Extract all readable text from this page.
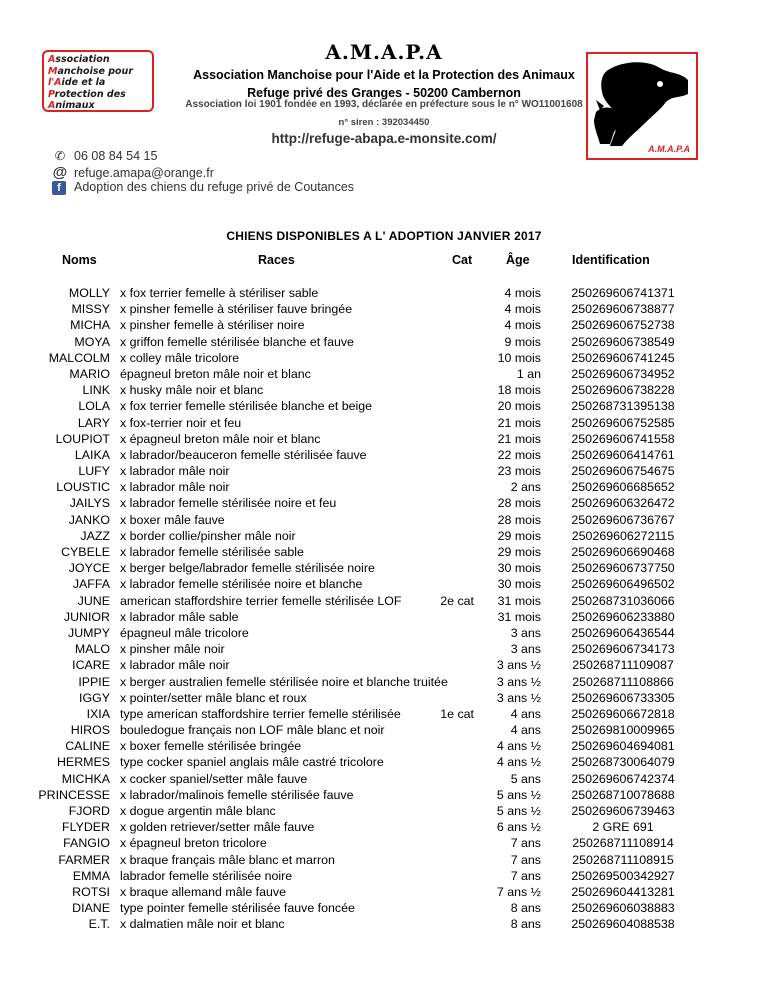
Association
Manchoise pour
l'Aide et la
Protection des
Animaux
A.M.A.P.A
Association Manchoise pour l'Aide et la Protection des Animaux
Refuge privé des Granges - 50200 Cambernon
Association loi 1901 fondée en 1993, déclarée en préfecture sous le n° WO11001608
n° siren : 392034450
http://refuge-abapa.e-monsite.com/
A.M.A.P.A
✆ 06 08 84 54 15
@ refuge.amapa@orange.fr
f Adoption des chiens du refuge privé de Coutances
CHIENS DISPONIBLES A L' ADOPTION JANVIER 2017
Noms	Races	Cat	Âge	Identification
MOLLY x fox terrier femelle à stériliser sable	4 mois	250269606741371
MISSY x pinsher femelle à stériliser fauve bringée	4 mois	250269606738877
MICHA x pinsher femelle à stériliser noire	4 mois	250269606752738
MOYA x griffon femelle stérilisée blanche et fauve	9 mois	250269606738549
MALCOLM x colley mâle tricolore	10 mois	250269606741245
MARIO épagneul breton mâle noir et blanc	1 an	250269606734952
LINK x husky mâle noir et blanc	18 mois	250269606738228
LOLA x fox terrier femelle stérilisée blanche et beige	20 mois	250268731395138
LARY x fox-terrier noir et feu	21 mois	250269606752585
LOUPIOT x épagneul breton mâle noir et blanc	21 mois	250269606741558
LAIKA x labrador/beauceron femelle stérilisée fauve	22 mois	250269606414761
LUFY x labrador mâle noir	23 mois	250269606754675
LOUSTIC x labrador mâle noir	2 ans	250269606685652
JAILYS x labrador femelle stérilisée noire et feu	28 mois	250269606326472
JANKO x boxer mâle fauve	28 mois	250269606736767
JAZZ x border collie/pinsher mâle noir	29 mois	250269606272115
CYBELE x labrador femelle stérilisée sable	29 mois	250269606690468
JOYCE x berger belge/labrador femelle stérilisée noire	30 mois	250269606737750
JAFFA x labrador femelle stérilisée noire et blanche	30 mois	250269606496502
JUNE american staffordshire terrier femelle stérilisée LOF	2e cat	31 mois	250268731036066
JUNIOR x labrador mâle sable	31 mois	250269606233880
JUMPY épagneul mâle tricolore	3 ans	250269606436544
MALO x pinsher mâle noir	3 ans	250269606734173
ICARE x labrador mâle noir	3 ans ½	250268711109087
IPPIE x berger australien femelle stérilisée noire et blanche truitée	3 ans ½	250268711108866
IGGY x pointer/setter mâle blanc et roux	3 ans ½	250269606733305
IXIA type american staffordshire terrier femelle stérilisée	1e cat	4 ans	250269606672818
HIROS bouledogue français non LOF mâle blanc et noir	4 ans	250269810009965
CALINE x boxer femelle stérilisée bringée	4 ans ½	250269604694081
HERMES type cocker spaniel anglais mâle castré tricolore	4 ans ½	250268730064079
MICHKA x cocker spaniel/setter mâle fauve	5 ans	250269606742374
PRINCESSE x labrador/malinois femelle stérilisée fauve	5 ans ½	250268710078688
FJORD x dogue argentin mâle blanc	5 ans ½	250269606739463
FLYDER x golden retriever/setter mâle fauve	6 ans ½	2 GRE 691
FANGIO x épagneul breton tricolore	7 ans	250268711108914
FARMER x braque français mâle blanc et marron	7 ans	250268711108915
EMMA labrador femelle stérilisée noire	7 ans	250269500342927
ROTSI x braque allemand mâle fauve	7 ans ½	250269604413281
DIANE type pointer femelle stérilisée fauve foncée	8 ans	250269606038883
E.T. x dalmatien mâle noir et blanc	8 ans	250269604088538
